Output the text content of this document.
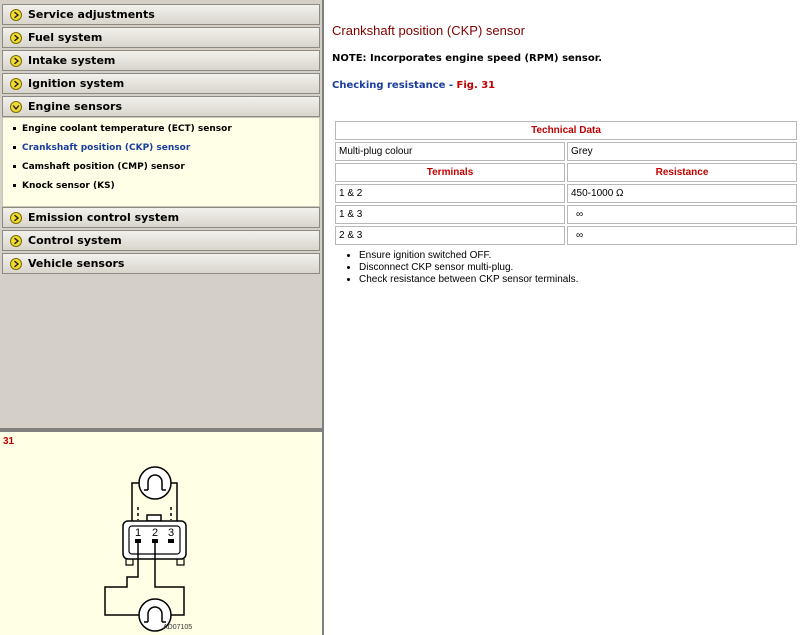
Service adjustments
Fuel system
Intake system
Ignition system
Engine sensors
Engine coolant temperature (ECT) sensor
Crankshaft position (CKP) sensor
Camshaft position (CMP) sensor
Knock sensor (KS)
Emission control system
Control system
Vehicle sensors
31
1 2 3
AD07105
Crankshaft position (CKP) sensor
NOTE: Incorporates engine speed (RPM) sensor.
Checking resistance - Fig. 31
Technical Data	
Multi-plug colour	Grey
Terminals	Resistance
1 & 2	450-1000 Ω
1 & 3	∞
2 & 3	∞
• Ensure ignition switched OFF.
• Disconnect CKP sensor multi-plug.
• Check resistance between CKP sensor terminals.
